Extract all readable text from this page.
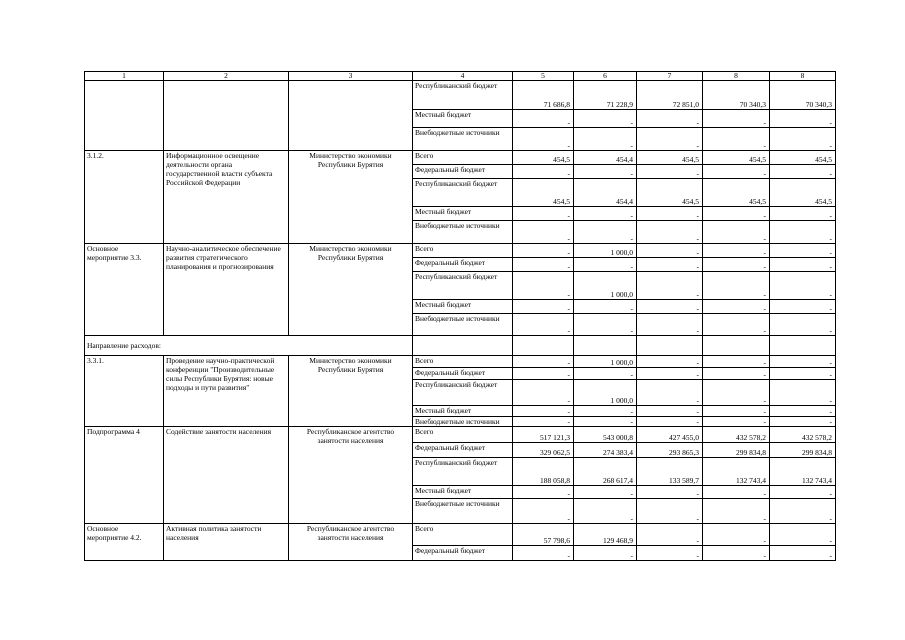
1	2	3	4	5	6	7	8	8
			Республиканский бюджет	71 686,8	71 228,9	72 851,0	70 340,3	70 340,3
			Местный бюджет	-	-	-	-	-
			Внебюджетные источники	-	-	-	-	-
3.1.2.	Информационное освещение деятельности органа государственной власти субъекта Российской Федерации	Министерство экономики Республики Бурятия	Всего	454,5	454,4	454,5	454,5	454,5
			Федеральный бюджет	-	-	-	-	-
			Республиканский бюджет	454,5	454,4	454,5	454,5	454,5
			Местный бюджет	-	-	-	-	-
			Внебюджетные источники	-	-	-	-	-
Основное мероприятие 3.3.	Научно-аналитическое обеспечение развития стратегического планирования и прогнозирования	Министерство экономики Республики Бурятия	Всего	-	1 000,0	-	-	-
			Федеральный бюджет	-	-	-	-	-
			Республиканский бюджет	-	1 000,0	-	-	-
			Местный бюджет	-	-	-	-	-
			Внебюджетные источники	-	-	-	-	-
Направление расходов:								
3.3.1.	Проведение научно-практической конференции "Производительные силы Республики Бурятия: новые подходы и пути развития"	Министерство экономики Республики Бурятия	Всего	-	1 000,0	-	-	-
			Федеральный бюджет	-	-	-	-	-
			Республиканский бюджет	-	1 000,0	-	-	-
			Местный бюджет	-	-	-	-	-
			Внебюджетные источники	-	-	-	-	-
Подпрограмма 4	Содействие занятости населения	Республиканское агентство занятости населения	Всего	517 121,3	543 000,8	427 455,0	432 578,2	432 578,2
			Федеральный бюджет	329 062,5	274 383,4	293 865,3	299 834,8	299 834,8
			Республиканский бюджет	188 058,8	268 617,4	133 589,7	132 743,4	132 743,4
			Местный бюджет	-	-	-	-	-
			Внебюджетные источники	-	-	-	-	-
Основное мероприятие 4.2.	Активная политика занятости населения	Республиканское агентство занятости населения	Всего	57 798,6	129 468,9	-	-	-
			Федеральный бюджет	-	-	-	-	-
